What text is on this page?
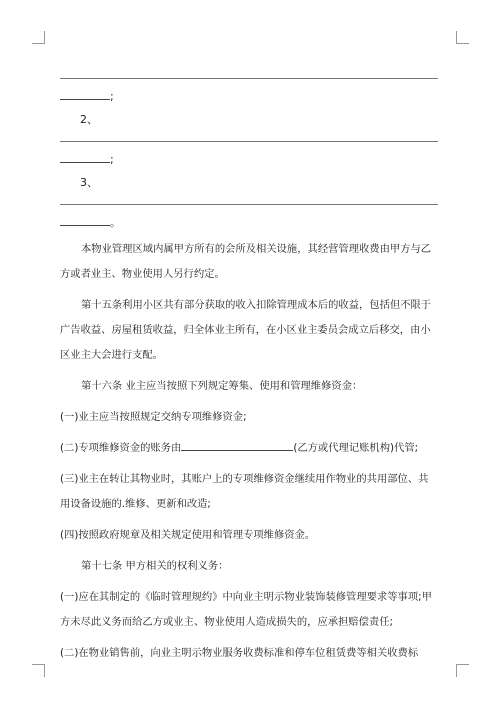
;
2、
;
3、
。

本物业管理区域内属甲方所有的会所及相关设施，其经营管理收费由甲方与乙方或者业主、物业使用人另行约定。

第十五条利用小区共有部分获取的收入扣除管理成本后的收益，包括但不限于广告收益、房屋租赁收益，归全体业主所有，在小区业主委员会成立后移交，由小区业主大会进行支配。

第十六条 业主应当按照下列规定筹集、使用和管理维修资金：

(一)业主应当按照规定交纳专项维修资金;

(二)专项维修资金的账务由	(乙方或代理记账机构)代管;

(三)业主在转让其物业时，其账户上的专项维修资金继续用作物业的共用部位、共用设备设施的.维修、更新和改造;

(四)按照政府规章及相关规定使用和管理专项维修资金。

第十七条 甲方相关的权利义务：

(一)应在其制定的《临时管理规约》中向业主明示物业装饰装修管理要求等事项;甲方未尽此义务而给乙方或业主、物业使用人造成损失的，应承担赔偿责任;

(二)在物业销售前，向业主明示物业服务收费标准和停车位租赁费等相关收费标
